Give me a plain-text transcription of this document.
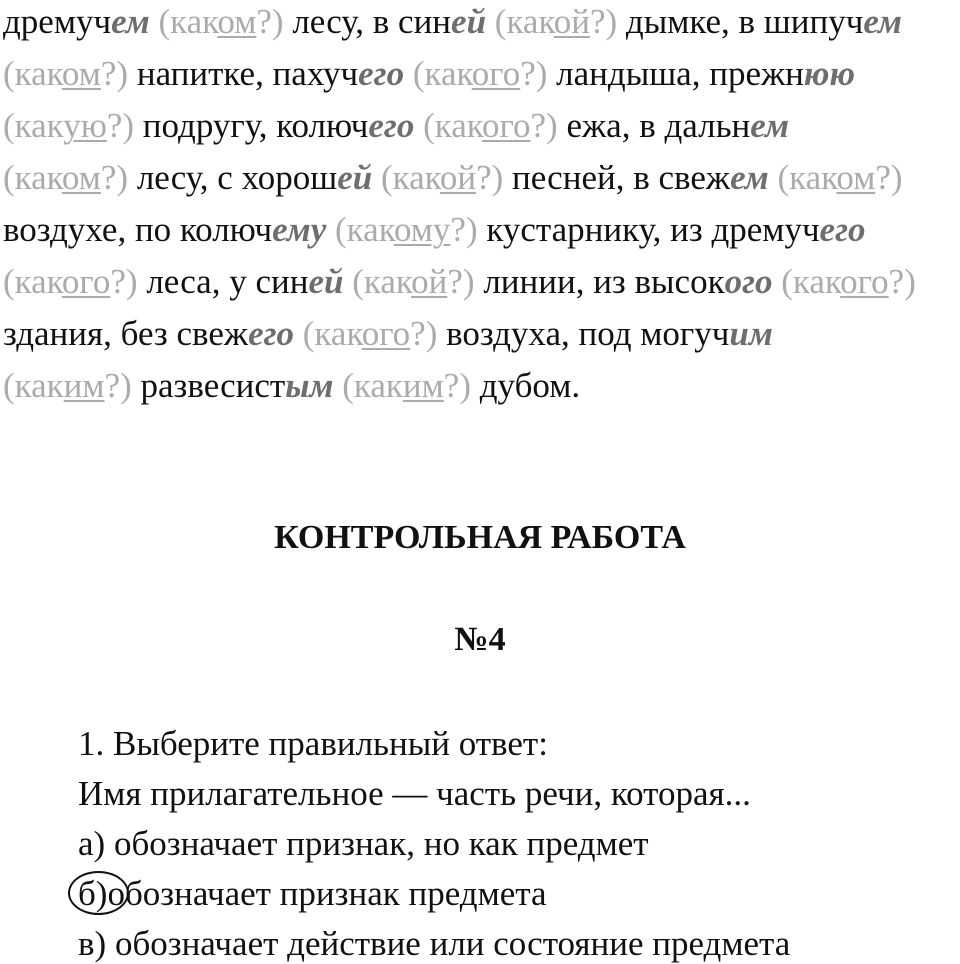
дремучем (каком?) лесу, в синей (какой?) дымке, в шипучем
(каком?) напитке, пахучего (какого?) ландыша, прежнюю
(какую?) подругу, колючего (какого?) ежа, в дальнем
(каком?) лесу, с хорошей (какой?) песней, в свежем (каком?)
воздухе, по колючему (какому?) кустарнику, из дремучего
(какого?) леса, у синей (какой?) линии, из высокого (какого?)
здания, без свежего (какого?) воздуха, под могучим
(каким?) развесистым (каким?) дубом.
КОНТРОЛЬНАЯ РАБОТА
№4
1. Выберите правильный ответ:
Имя прилагательное — часть речи, которая...
а) обозначает признак, но как предмет
б)обозначает признак предмета
в) обозначает действие или состояние предмета
